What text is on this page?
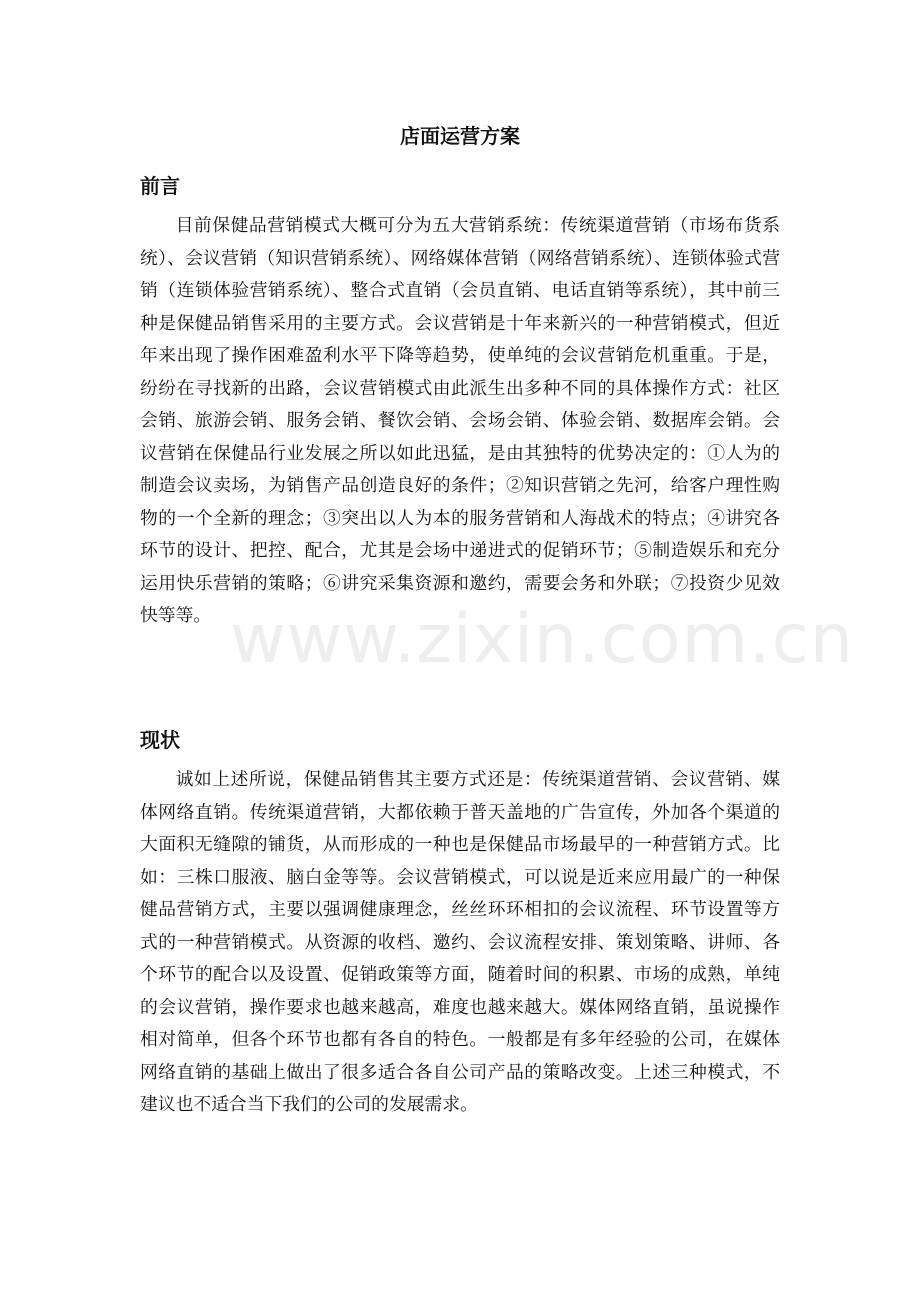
www.zixin.com.cn
店面运营方案
前言

目前保健品营销模式大概可分为五大营销系统：传统渠道营销（市场布货系统）、会议营销（知识营销系统）、网络媒体营销（网络营销系统）、连锁体验式营销（连锁体验营销系统）、整合式直销（会员直销、电话直销等系统），其中前三种是保健品销售采用的主要方式。会议营销是十年来新兴的一种营销模式，但近年来出现了操作困难盈利水平下降等趋势，使单纯的会议营销危机重重。于是，纷纷在寻找新的出路，会议营销模式由此派生出多种不同的具体操作方式：社区会销、旅游会销、服务会销、餐饮会销、会场会销、体验会销、数据库会销。会议营销在保健品行业发展之所以如此迅猛，是由其独特的优势决定的：①人为的制造会议卖场，为销售产品创造良好的条件；②知识营销之先河，给客户理性购物的一个全新的理念；③突出以人为本的服务营销和人海战术的特点；④讲究各环节的设计、把控、配合，尤其是会场中递进式的促销环节；⑤制造娱乐和充分运用快乐营销的策略；⑥讲究采集资源和邀约，需要会务和外联；⑦投资少见效快等等。

现状

诚如上述所说，保健品销售其主要方式还是：传统渠道营销、会议营销、媒体网络直销。传统渠道营销，大都依赖于普天盖地的广告宣传，外加各个渠道的大面积无缝隙的铺货，从而形成的一种也是保健品市场最早的一种营销方式。比如：三株口服液、脑白金等等。会议营销模式，可以说是近来应用最广的一种保健品营销方式，主要以强调健康理念，丝丝环环相扣的会议流程、环节设置等方式的一种营销模式。从资源的收档、邀约、会议流程安排、策划策略、讲师、各个环节的配合以及设置、促销政策等方面，随着时间的积累、市场的成熟，单纯的会议营销，操作要求也越来越高，难度也越来越大。媒体网络直销，虽说操作相对简单，但各个环节也都有各自的特色。一般都是有多年经验的公司，在媒体网络直销的基础上做出了很多适合各自公司产品的策略改变。上述三种模式，不建议也不适合当下我们的公司的发展需求。
